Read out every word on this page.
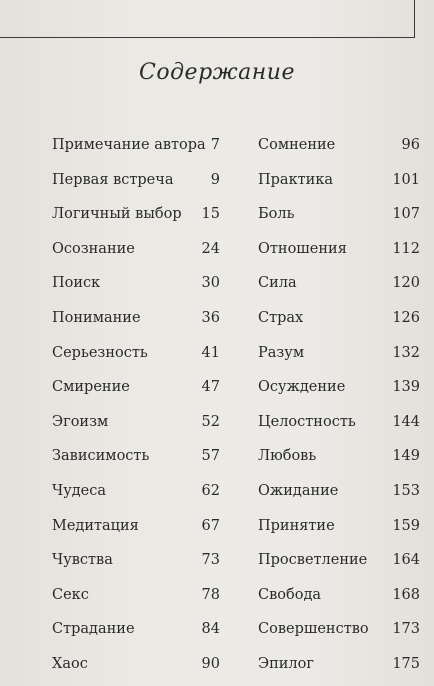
Содержание
Примечание автора 7
Первая встреча	9
Логичный выбор 15
Осознание	24
Поиск	30
Понимание	36
Серьезность	41
Смирение	47
Эгоизм	52
Зависимость	57
Чудеса	62
Медитация	67
Чувства	73
Секс	78
Страдание	84
Хаос	90
Сомнение	96
Практика	101
Боль	107
Отношения	112
Сила	120
Страх	126
Разум	132
Осуждение	139
Целостность	144
Любовь	149
Ожидание	153
Принятие	159
Просветление 164
Свобода	168
Совершенство 173
Эпилог	175
